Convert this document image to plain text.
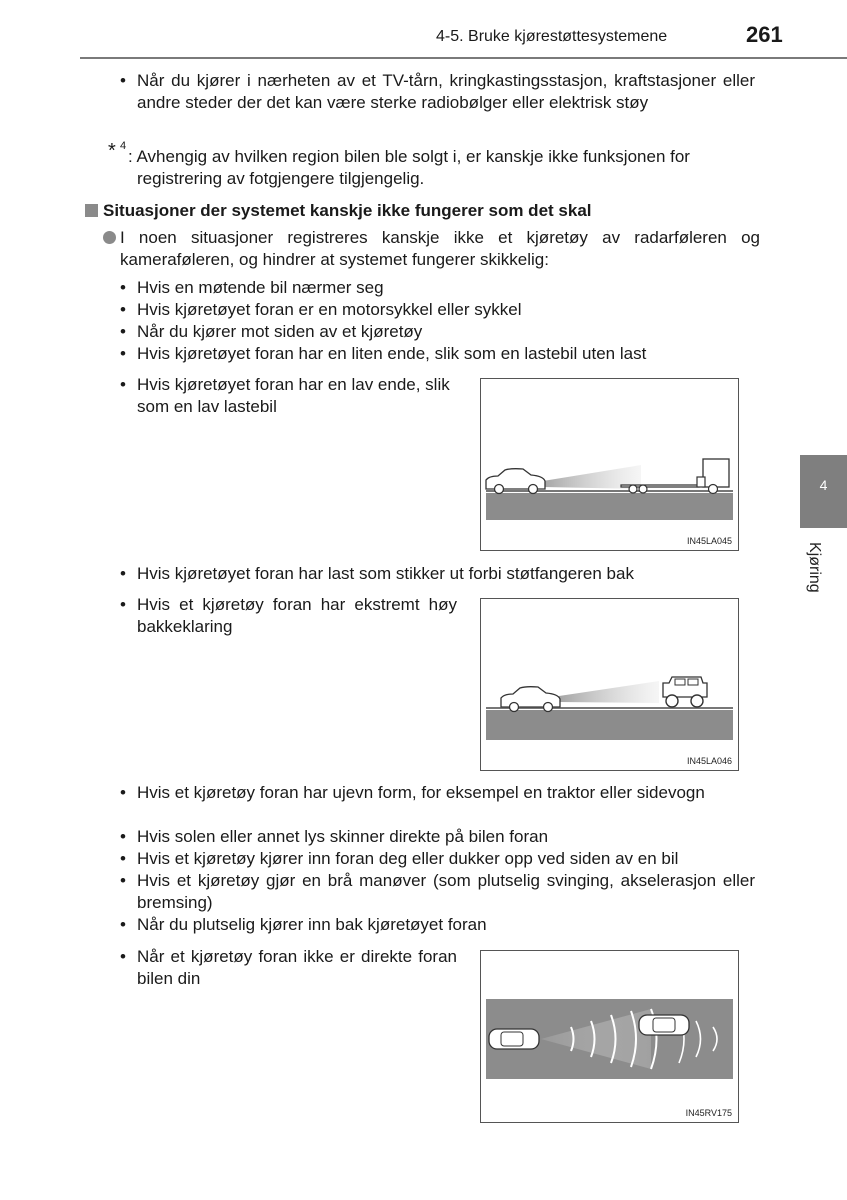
4-5. Bruke kjørestøttesystemene	261
4
Kjøring
• Når du kjører i nærheten av et TV-tårn, kringkastingsstasjon, kraftstasjoner eller andre steder der det kan være sterke radiobølger eller elektrisk støy

* 4

: Avhengig av hvilken region bilen ble solgt i, er kanskje ikke funksjonen for registrering av fotgjengere tilgjengelig.

Situasjoner der systemet kanskje ikke fungerer som det skal

I noen situasjoner registreres kanskje ikke et kjøretøy av radarføleren og kameraføleren, og hindrer at systemet fungerer skikkelig:

• Hvis en møtende bil nærmer seg
• Hvis kjøretøyet foran er en motorsykkel eller sykkel
• Når du kjører mot siden av et kjøretøy
• Hvis kjøretøyet foran har en liten ende, slik som en lastebil uten last
• Hvis kjøretøyet foran har en lav ende, slik som en lav lastebil

IN45LA045
• Hvis kjøretøyet foran har last som stikker ut forbi støtfangeren bak
• Hvis et kjøretøy foran har ekstremt høy bakkeklaring

IN45LA046
• Hvis et kjøretøy foran har ujevn form, for eksempel en traktor eller sidevogn

• Hvis solen eller annet lys skinner direkte på bilen foran
• Hvis et kjøretøy kjører inn foran deg eller dukker opp ved siden av en bil
• Hvis et kjøretøy gjør en brå manøver (som plutselig svinging, akselerasjon eller bremsing)

• Når du plutselig kjører inn bak kjøretøyet foran
• Når et kjøretøy foran ikke er direkte foran bilen din

IN45RV175
